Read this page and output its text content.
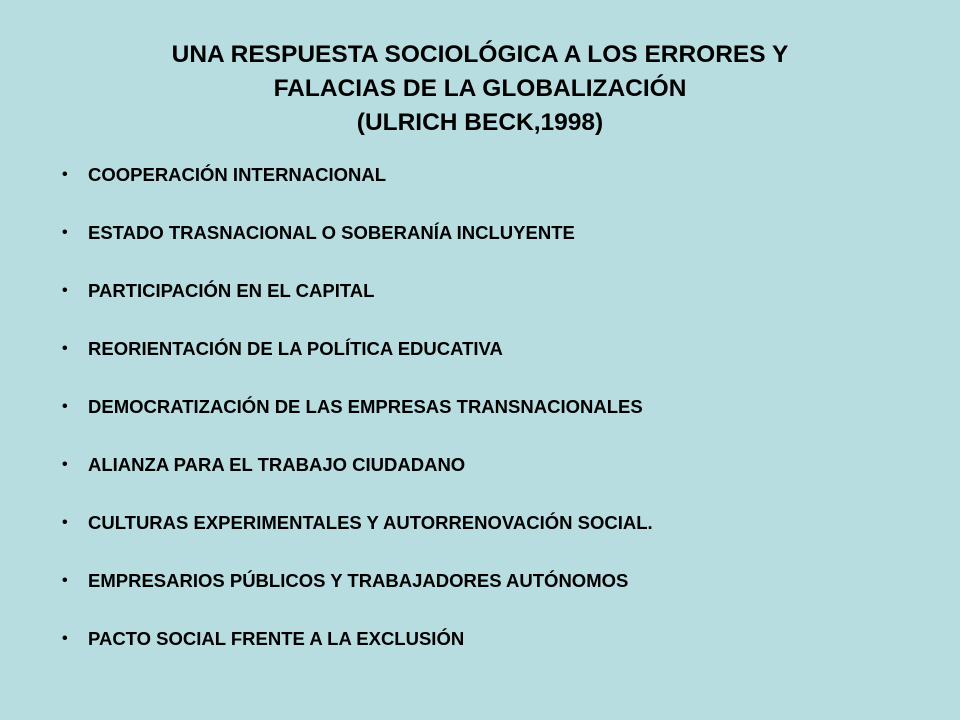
UNA RESPUESTA SOCIOLÓGICA A LOS ERRORES Y
FALACIAS DE LA GLOBALIZACIÓN
(ULRICH BECK,1998)
• COOPERACIÓN INTERNACIONAL
• ESTADO TRASNACIONAL O SOBERANÍA INCLUYENTE
• PARTICIPACIÓN EN EL CAPITAL
• REORIENTACIÓN DE LA POLÍTICA EDUCATIVA
• DEMOCRATIZACIÓN DE LAS EMPRESAS TRANSNACIONALES
• ALIANZA PARA EL TRABAJO CIUDADANO
• CULTURAS EXPERIMENTALES Y AUTORRENOVACIÓN SOCIAL.
• EMPRESARIOS PÚBLICOS Y TRABAJADORES AUTÓNOMOS
• PACTO SOCIAL FRENTE A LA EXCLUSIÓN
